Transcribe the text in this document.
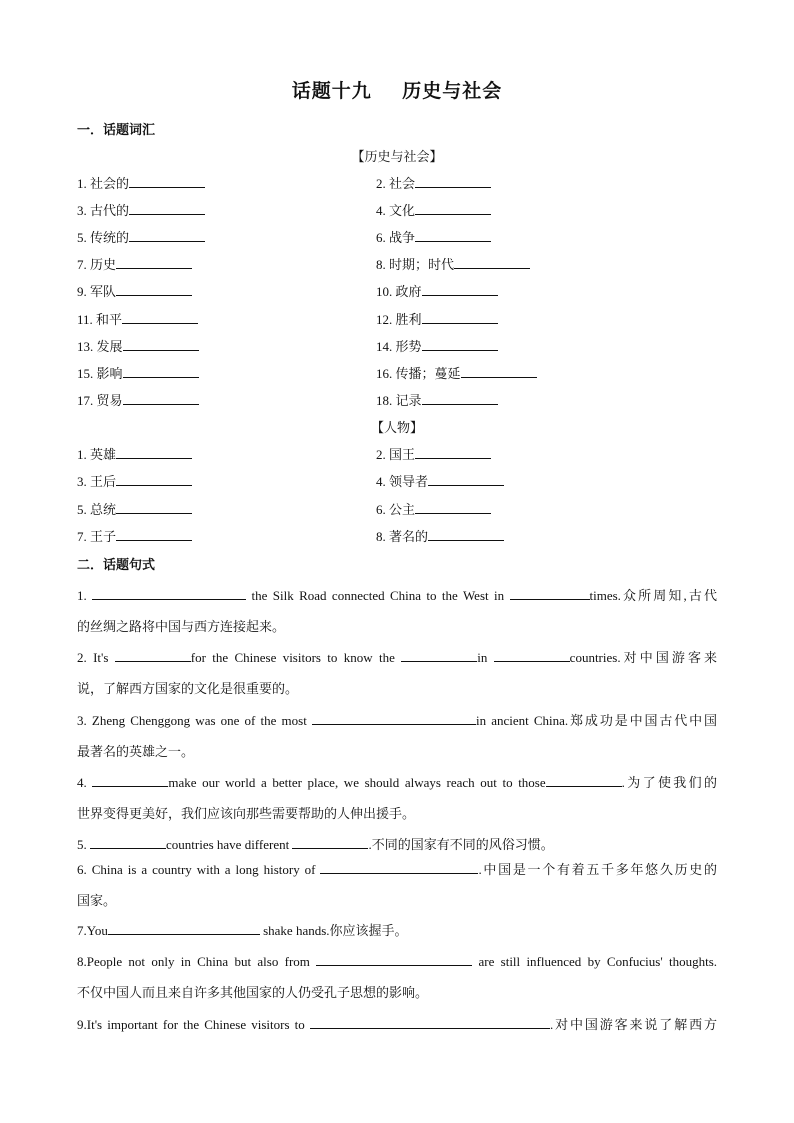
话题十九 历史与社会
一．话题词汇
【历史与社会】
1. 社会的	2. 社会
3. 古代的	4. 文化
5. 传统的	6. 战争
7. 历史	8. 时期；时代
9. 军队	10. 政府
11. 和平	12. 胜利
13. 发展	14. 形势
15. 影响	16. 传播；蔓延
17. 贸易	18. 记录
【人物】
1. 英雄	2. 国王
3. 王后	4. 领导者
5. 总统	6. 公主
7. 王子	8. 著名的
二．话题句式
1.	the Silk Road connected China to the West in	times.众所周知,古代
的丝绸之路将中国与西方连接起来。
2. It's	for the Chinese visitors to know the	in	countries.对中国游客来
说，了解西方国家的文化是很重要的。
3. Zheng Chenggong was one of the most	in ancient China.郑成功是中国古代中国
最著名的英雄之一。
4.	make our world a better place, we should always reach out to those	.为了使我们的
世界变得更美好，我们应该向那些需要帮助的人伸出援手。
5.	countries have different	.不同的国家有不同的风俗习惯。
6. China is a country with a long history of	.中国是一个有着五千多年悠久历史的
国家。
7.You	shake hands.你应该握手。
8.People not only in China but also from	are still influenced by Confucius' thoughts.
不仅中国人而且来自许多其他国家的人仍受孔子思想的影响。
9.It's important for the Chinese visitors to	.对中国游客来说了解西方
